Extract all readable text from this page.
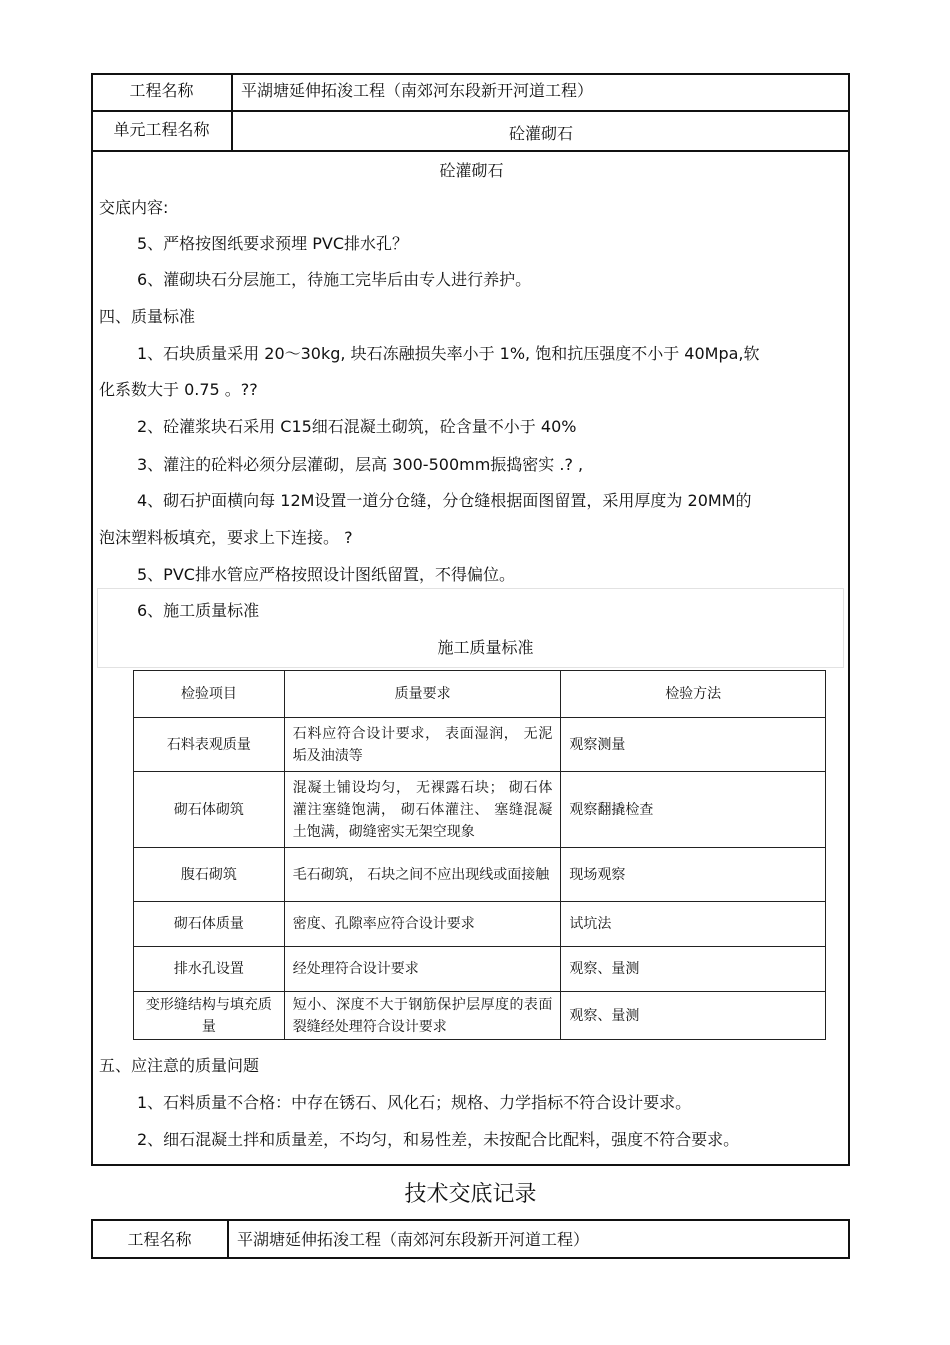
工程名称	平湖塘延伸拓浚工程（南郊河东段新开河道工程）
单元工程名称	砼灌砌石
砼灌砌石
交底内容:
5、严格按图纸要求预埋 PVC排水孔？
6、灌砌块石分层施工，待施工完毕后由专人进行养护。
四、质量标准
1、石块质量采用 20～30kg, 块石冻融损失率小于 1%, 饱和抗压强度不小于 40Mpa,软
化系数大于 0.75 。??
2、砼灌浆块石采用 C15细石混凝土砌筑，砼含量不小于 40%
3、灌注的砼料必须分层灌砌，层高 300-500mm振捣密实 .? ,
4、砌石护面横向每 12M设置一道分仓缝，分仓缝根据面图留置，采用厚度为 20MM的
泡沫塑料板填充，要求上下连接。 ?
5、PVC排水管应严格按照设计图纸留置，不得偏位。
6、施工质量标准
施工质量标准
检验项目	质量要求	检验方法
石料表观质量	石料应符合设计要求， 表面湿润， 无泥垢及油渍等	观察测量
砌石体砌筑	混凝土铺设均匀， 无裸露石块； 砌石体灌注塞缝饱满， 砌石体灌注、 塞缝混凝土饱满，砌缝密实无架空现象	观察翻撬检查
腹石砌筑	毛石砌筑， 石块之间不应出现线或面接触	现场观察
砌石体质量	密度、孔隙率应符合设计要求	试坑法
排水孔设置	经处理符合设计要求	观察、量测
变形缝结构与填充质量	短小、深度不大于钢筋保护层厚度的表面裂缝经处理符合设计要求	观察、量测
五、应注意的质量问题
1、石料质量不合格：中存在锈石、风化石；规格、力学指标不符合设计要求。
2、细石混凝土拌和质量差，不均匀，和易性差，未按配合比配料，强度不符合要求。
技术交底记录
工程名称	平湖塘延伸拓浚工程（南郊河东段新开河道工程）
